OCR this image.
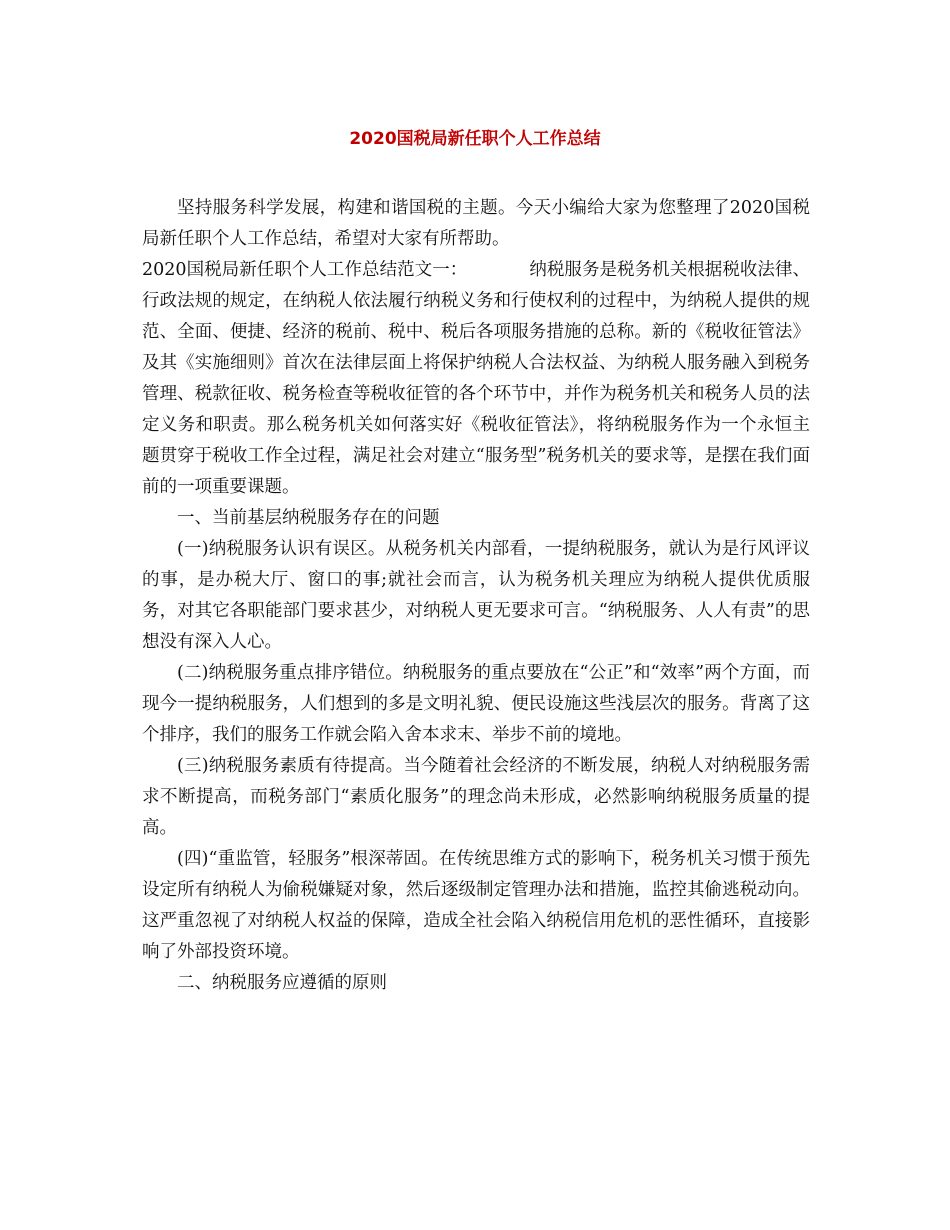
2020国税局新任职个人工作总结

坚持服务科学发展，构建和谐国税的主题。今天小编给大家为您整理了2020国税局新任职个人工作总结，希望对大家有所帮助。

2020国税局新任职个人工作总结范文一：	纳税服务是税务机关根据税收法律、行政法规的规定，在纳税人依法履行纳税义务和行使权利的过程中，为纳税人提供的规范、全面、便捷、经济的税前、税中、税后各项服务措施的总称。新的《税收征管法》及其《实施细则》首次在法律层面上将保护纳税人合法权益、为纳税人服务融入到税务管理、税款征收、税务检查等税收征管的各个环节中，并作为税务机关和税务人员的法定义务和职责。那么税务机关如何落实好《税收征管法》，将纳税服务作为一个永恒主题贯穿于税收工作全过程，满足社会对建立“服务型”税务机关的要求等，是摆在我们面前的一项重要课题。

一、当前基层纳税服务存在的问题

(一)纳税服务认识有误区。从税务机关内部看，一提纳税服务，就认为是行风评议的事，是办税大厅、窗口的事;就社会而言，认为税务机关理应为纳税人提供优质服务，对其它各职能部门要求甚少，对纳税人更无要求可言。“纳税服务、人人有责”的思想没有深入人心。

(二)纳税服务重点排序错位。纳税服务的重点要放在“公正”和“效率”两个方面，而现今一提纳税服务，人们想到的多是文明礼貌、便民设施这些浅层次的服务。背离了这个排序，我们的服务工作就会陷入舍本求末、举步不前的境地。

(三)纳税服务素质有待提高。当今随着社会经济的不断发展，纳税人对纳税服务需求不断提高，而税务部门“素质化服务”的理念尚未形成，必然影响纳税服务质量的提高。

(四)“重监管，轻服务”根深蒂固。在传统思维方式的影响下，税务机关习惯于预先设定所有纳税人为偷税嫌疑对象，然后逐级制定管理办法和措施，监控其偷逃税动向。这严重忽视了对纳税人权益的保障，造成全社会陷入纳税信用危机的恶性循环，直接影响了外部投资环境。

二、纳税服务应遵循的原则
